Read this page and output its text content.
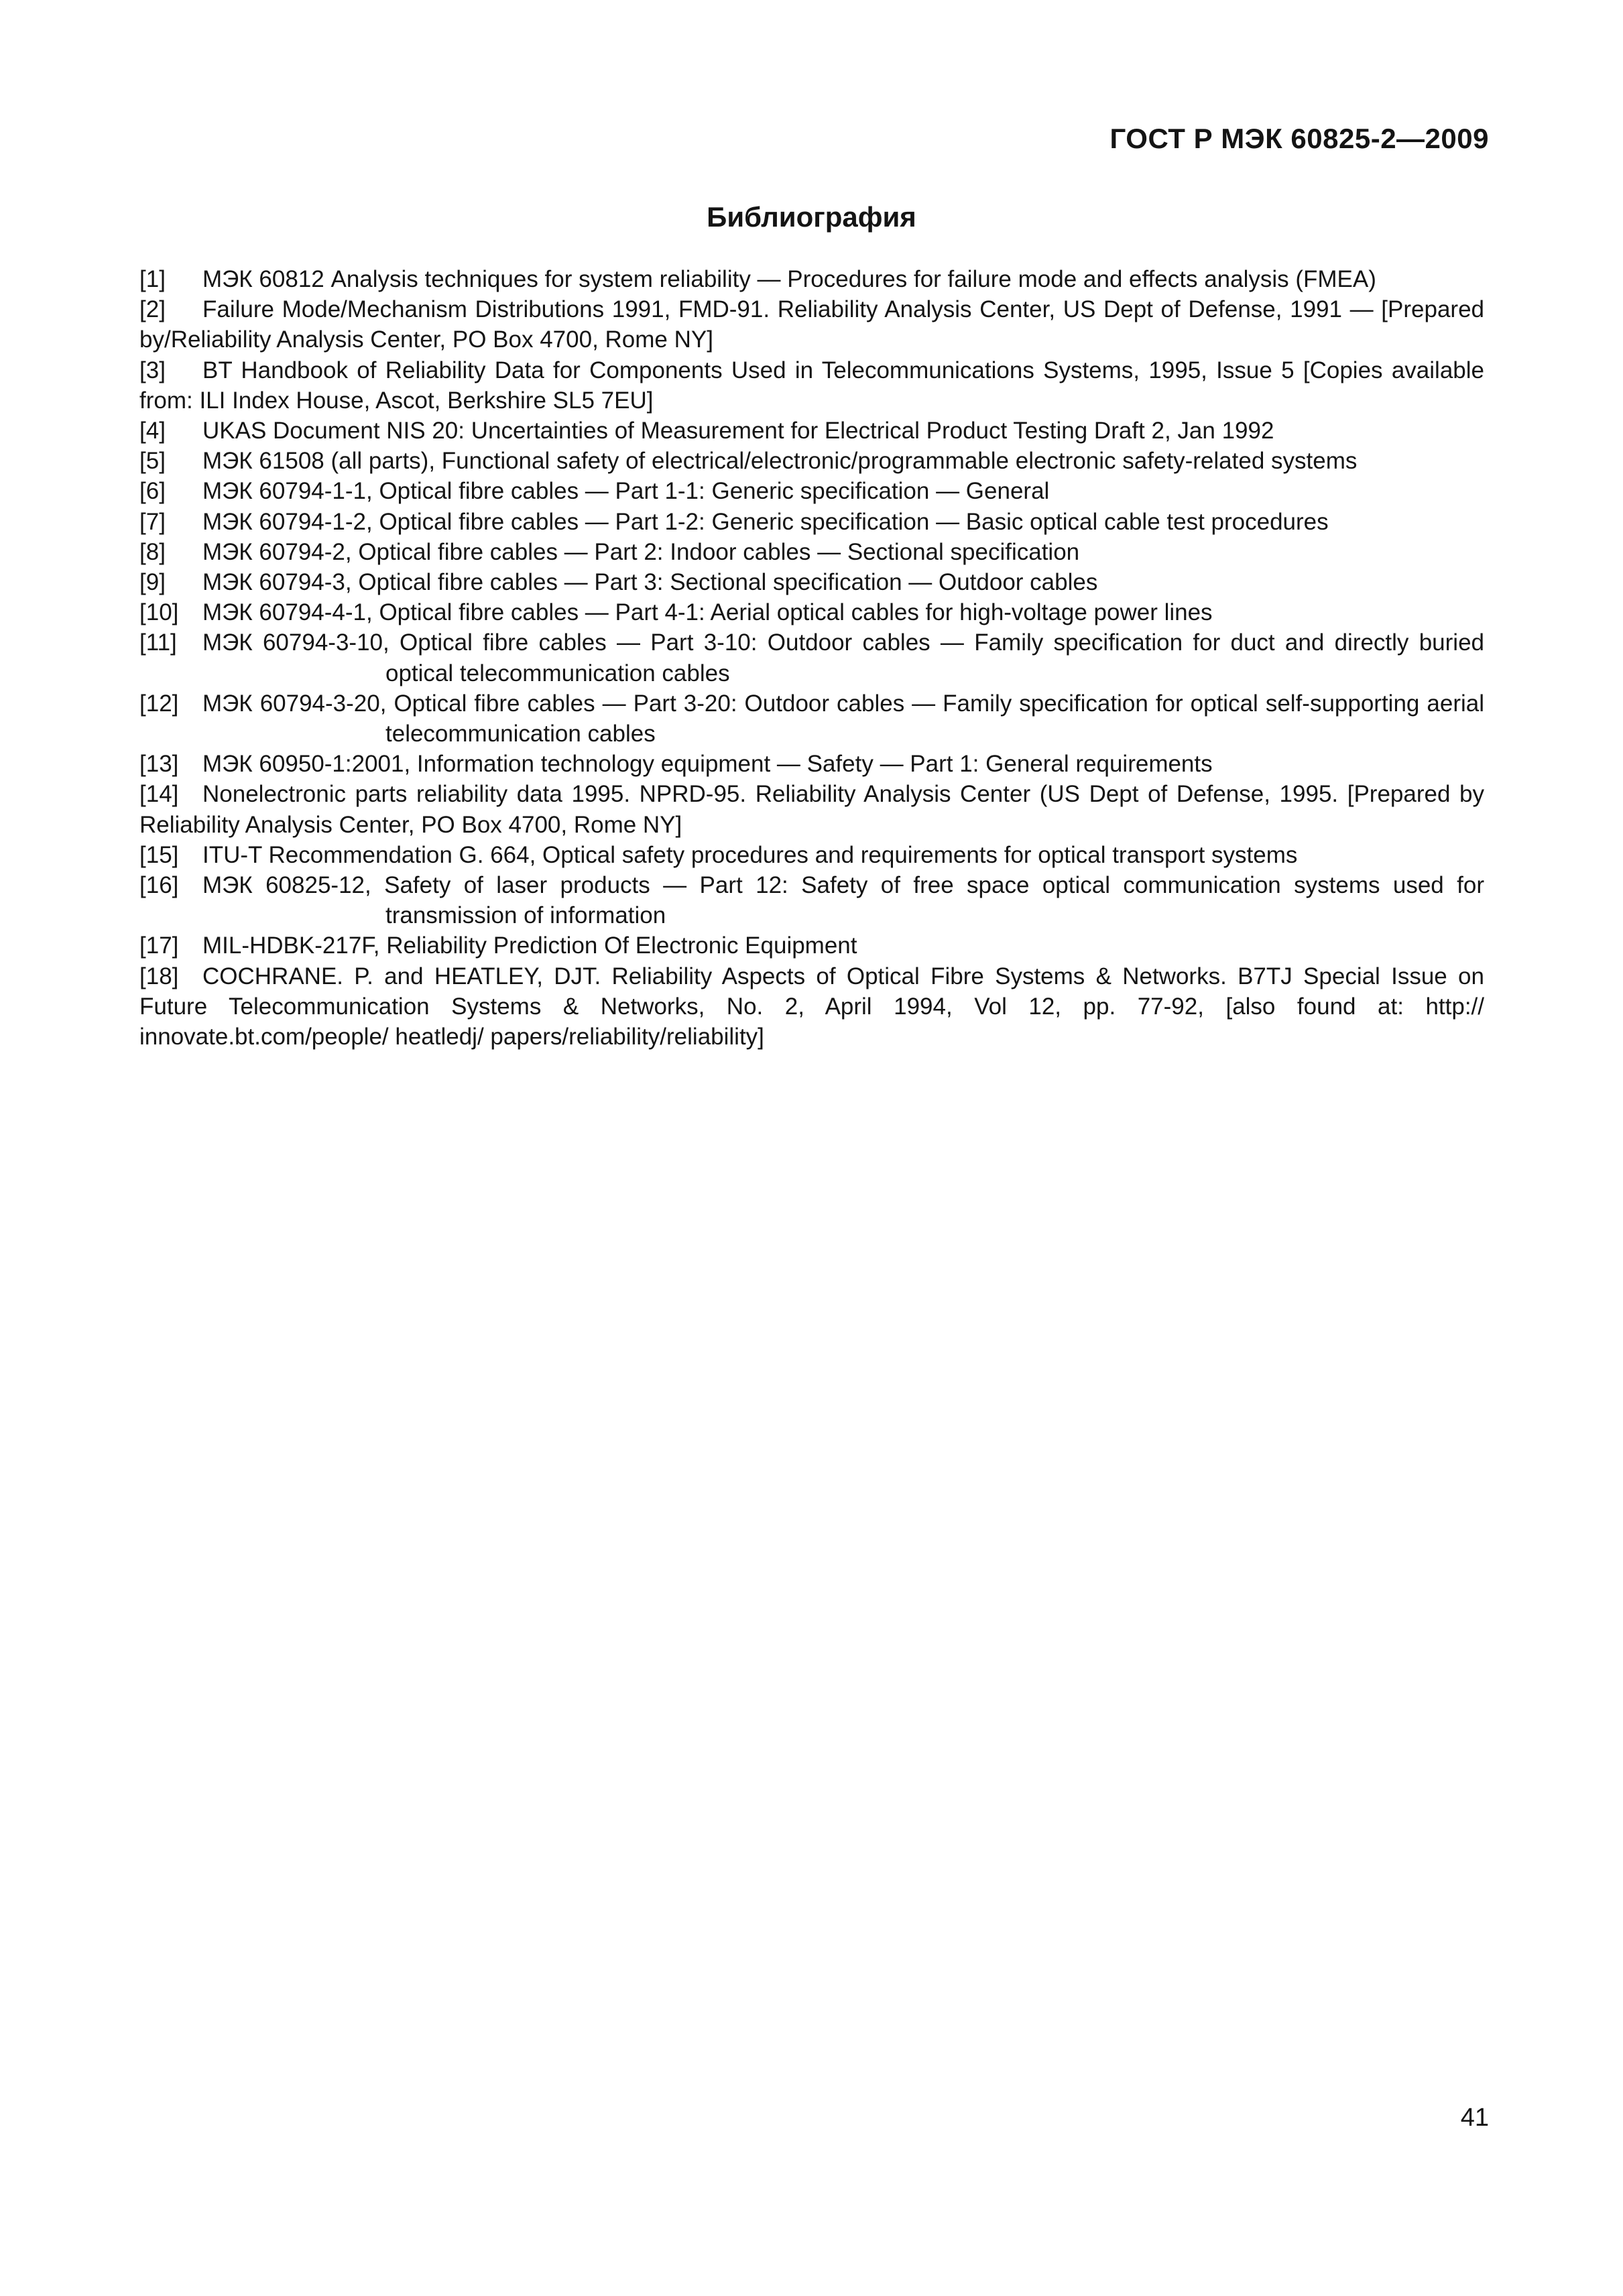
ГОСТ Р МЭК 60825-2—2009
Библиография

[1] МЭК 60812 Analysis techniques for system reliability — Procedures for failure mode and effects analysis (FMEA)

[2] Failure Mode/Mechanism Distributions 1991, FMD-91. Reliability Analysis Center, US Dept of Defense, 1991 — [Prepared by/Reliability Analysis Center, PO Box 4700, Rome NY]

[3] BT Handbook of Reliability Data for Components Used in Telecommunications Systems, 1995, Issue 5 [Copies available from: ILI Index House, Ascot, Berkshire SL5 7EU]

[4] UKAS Document NIS 20: Uncertainties of Measurement for Electrical Product Testing Draft 2, Jan 1992

[5] МЭК 61508 (all parts), Functional safety of electrical/electronic/programmable electronic safety-related systems

[6] МЭК 60794-1-1, Optical fibre cables — Part 1-1: Generic specification — General

[7] МЭК 60794-1-2, Optical fibre cables — Part 1-2: Generic specification — Basic optical cable test procedures

[8] МЭК 60794-2, Optical fibre cables — Part 2: Indoor cables — Sectional specification

[9] МЭК 60794-3, Optical fibre cables — Part 3: Sectional specification — Outdoor cables

[10] МЭК 60794-4-1, Optical fibre cables — Part 4-1: Aerial optical cables for high-voltage power lines

[11] МЭК 60794-3-10, Optical fibre cables — Part 3-10: Outdoor cables — Family specification for duct and directly buried optical telecommunication cables

[12] МЭК 60794-3-20, Optical fibre cables — Part 3-20: Outdoor cables — Family specification for optical self-supporting aerial telecommunication cables

[13] МЭК 60950-1:2001, Information technology equipment — Safety — Part 1: General requirements

[14] Nonelectronic parts reliability data 1995. NPRD-95. Reliability Analysis Center (US Dept of Defense, 1995. [Prepared by Reliability Analysis Center, PO Box 4700, Rome NY]

[15] ITU-T Recommendation G. 664, Optical safety procedures and requirements for optical transport systems

[16] МЭК 60825-12, Safety of laser products — Part 12: Safety of free space optical communication systems used for transmission of information

[17] MIL-HDBK-217F, Reliability Prediction Of Electronic Equipment

[18] COCHRANE. P. and HEATLEY, DJT. Reliability Aspects of Optical Fibre Systems & Networks. B7TJ Special Issue on Future Telecommunication Systems & Networks, No. 2, April 1994, Vol 12, pp. 77-92, [also found at: http:// innovate.bt.com/people/ heatledj/ papers/reliability/reliability]

41
